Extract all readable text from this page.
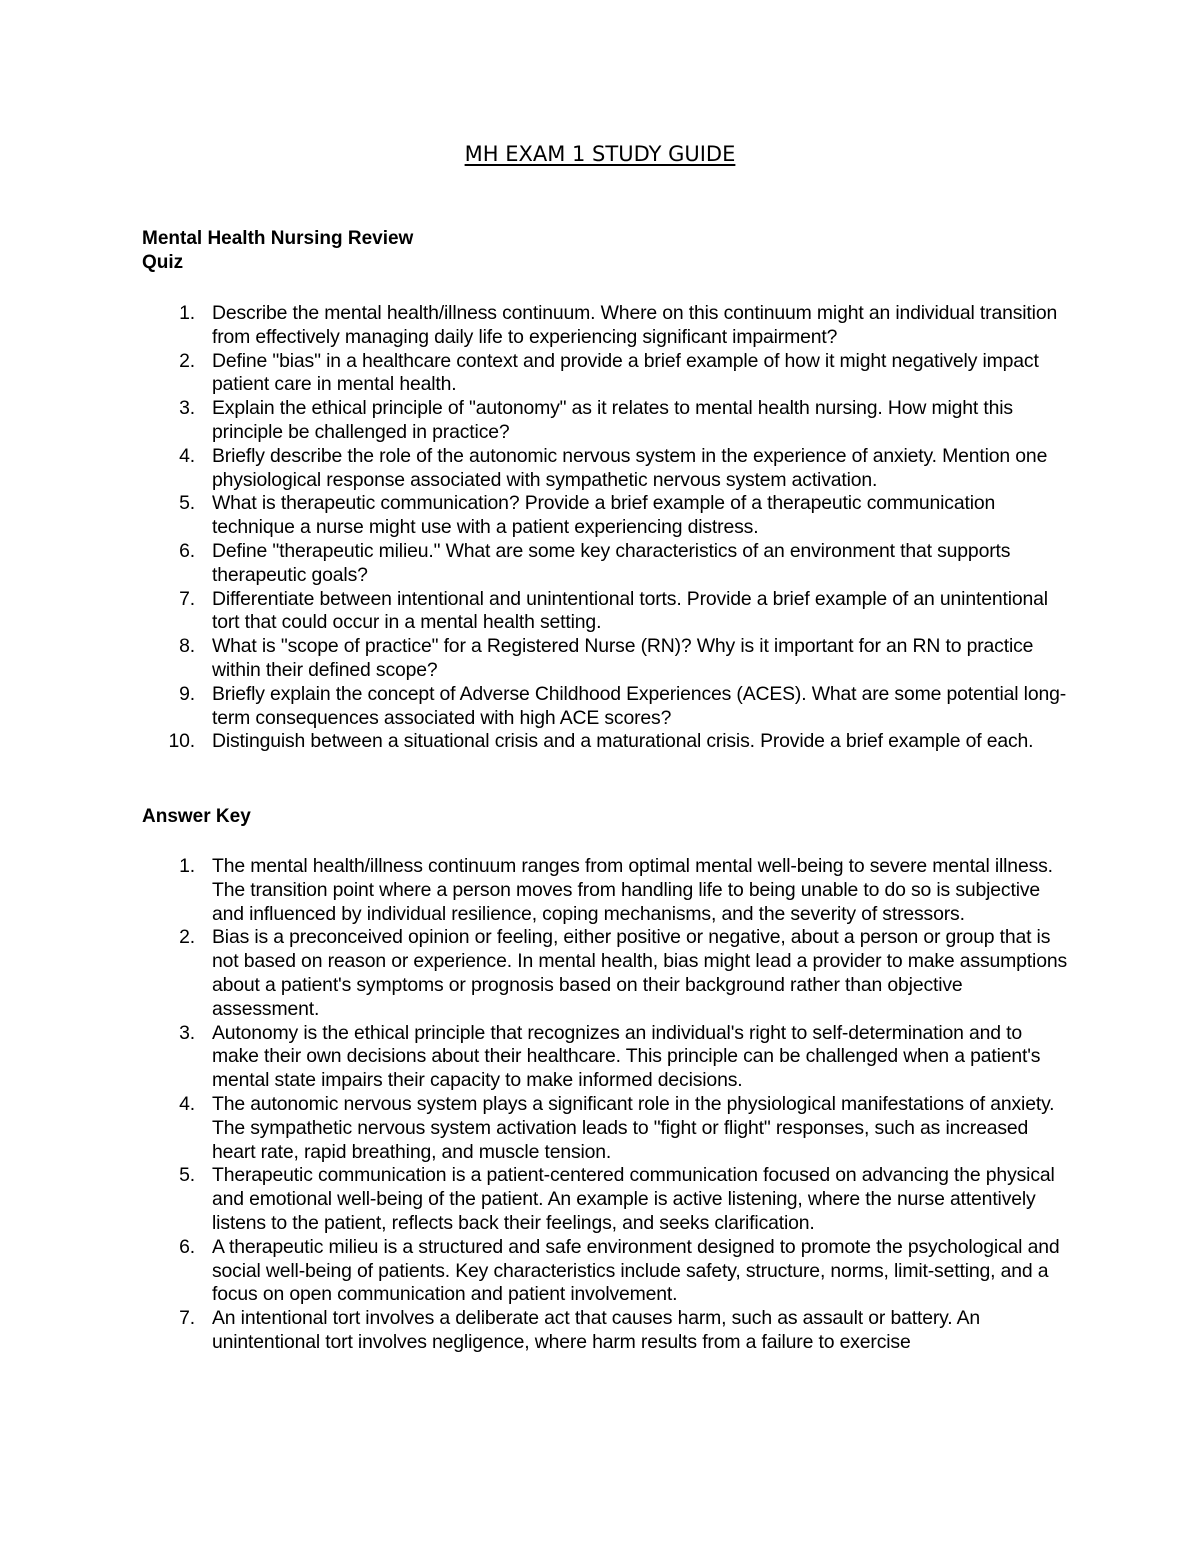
MH EXAM 1 STUDY GUIDE
Mental Health Nursing Review
Quiz
1. Describe the mental health/illness continuum. Where on this continuum might an individual transition from effectively managing daily life to experiencing significant impairment?
2. Define "bias" in a healthcare context and provide a brief example of how it might negatively impact patient care in mental health.
3. Explain the ethical principle of "autonomy" as it relates to mental health nursing. How might this principle be challenged in practice?
4. Briefly describe the role of the autonomic nervous system in the experience of anxiety. Mention one physiological response associated with sympathetic nervous system activation.
5. What is therapeutic communication? Provide a brief example of a therapeutic communication technique a nurse might use with a patient experiencing distress.
6. Define "therapeutic milieu." What are some key characteristics of an environment that supports therapeutic goals?
7. Differentiate between intentional and unintentional torts. Provide a brief example of an unintentional tort that could occur in a mental health setting.
8. What is "scope of practice" for a Registered Nurse (RN)? Why is it important for an RN to practice within their defined scope?
9. Briefly explain the concept of Adverse Childhood Experiences (ACES). What are some potential long-term consequences associated with high ACE scores?
10. Distinguish between a situational crisis and a maturational crisis. Provide a brief example of each.
Answer Key
1. The mental health/illness continuum ranges from optimal mental well-being to severe mental illness. The transition point where a person moves from handling life to being unable to do so is subjective and influenced by individual resilience, coping mechanisms, and the severity of stressors.
2. Bias is a preconceived opinion or feeling, either positive or negative, about a person or group that is not based on reason or experience. In mental health, bias might lead a provider to make assumptions about a patient's symptoms or prognosis based on their background rather than objective assessment.
3. Autonomy is the ethical principle that recognizes an individual's right to self-determination and to make their own decisions about their healthcare. This principle can be challenged when a patient's mental state impairs their capacity to make informed decisions.
4. The autonomic nervous system plays a significant role in the physiological manifestations of anxiety. The sympathetic nervous system activation leads to "fight or flight" responses, such as increased heart rate, rapid breathing, and muscle tension.
5. Therapeutic communication is a patient-centered communication focused on advancing the physical and emotional well-being of the patient. An example is active listening, where the nurse attentively listens to the patient, reflects back their feelings, and seeks clarification.
6. A therapeutic milieu is a structured and safe environment designed to promote the psychological and social well-being of patients. Key characteristics include safety, structure, norms, limit-setting, and a focus on open communication and patient involvement.
7. An intentional tort involves a deliberate act that causes harm, such as assault or battery. An unintentional tort involves negligence, where harm results from a failure to exercise
